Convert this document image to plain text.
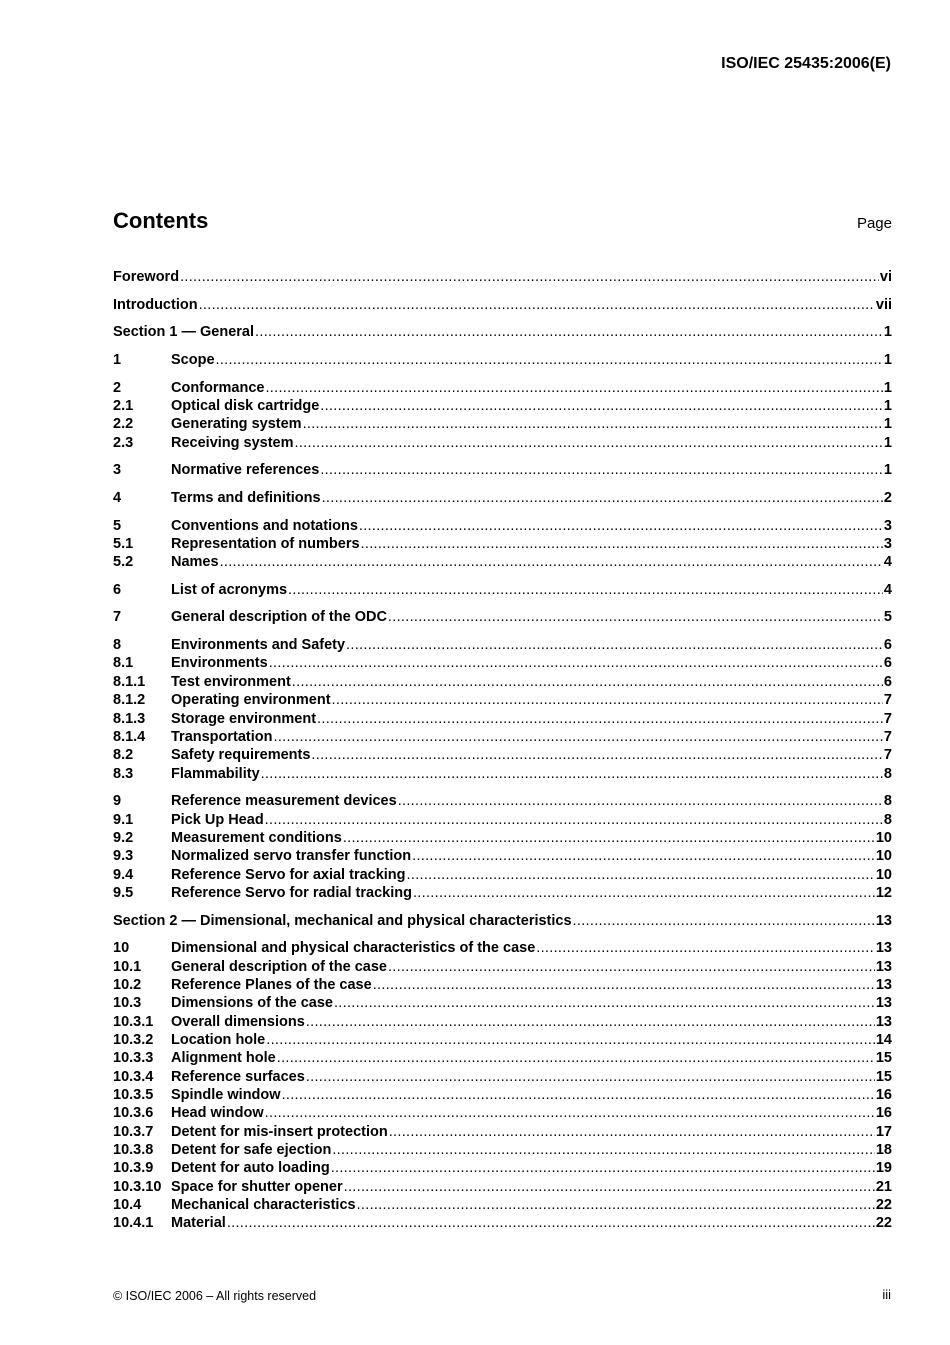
ISO/IEC 25435:2006(E)
Contents	Page
Foreword .....	vi
Introduction .....	vii
Section 1 — General .....	1
1	Scope .....	1
2	Conformance .....	1
2.1	Optical disk cartridge .....	1
2.2	Generating system .....	1
2.3	Receiving system .....	1
3	Normative references .....	1
4	Terms and definitions .....	2
5	Conventions and notations .....	3
5.1	Representation of numbers .....	3
5.2	Names .....	4
6	List of acronyms .....	4
7	General description of the ODC .....	5
8	Environments and Safety .....	6
8.1	Environments .....	6
8.1.1	Test environment .....	6
8.1.2	Operating environment .....	7
8.1.3	Storage environment .....	7
8.1.4	Transportation .....	7
8.2	Safety requirements .....	7
8.3	Flammability .....	8
9	Reference measurement devices .....	8
9.1	Pick Up Head .....	8
9.2	Measurement conditions .....	10
9.3	Normalized servo transfer function .....	10
9.4	Reference Servo for axial tracking .....	10
9.5	Reference Servo for radial tracking .....	12
Section 2 — Dimensional, mechanical and physical characteristics .....	13
10	Dimensional and physical characteristics of the case .....	13
10.1	General description of the case .....	13
10.2	Reference Planes of the case .....	13
10.3	Dimensions of the case .....	13
10.3.1	Overall dimensions .....	13
10.3.2	Location hole .....	14
10.3.3	Alignment hole .....	15
10.3.4	Reference surfaces .....	15
10.3.5	Spindle window .....	16
10.3.6	Head window .....	16
10.3.7	Detent for mis-insert protection .....	17
10.3.8	Detent for safe ejection .....	18
10.3.9	Detent for auto loading .....	19
10.3.10 Space for shutter opener .....	21
10.4	Mechanical characteristics .....	22
10.4.1	Material .....	22
© ISO/IEC 2006 – All rights reserved	iii
